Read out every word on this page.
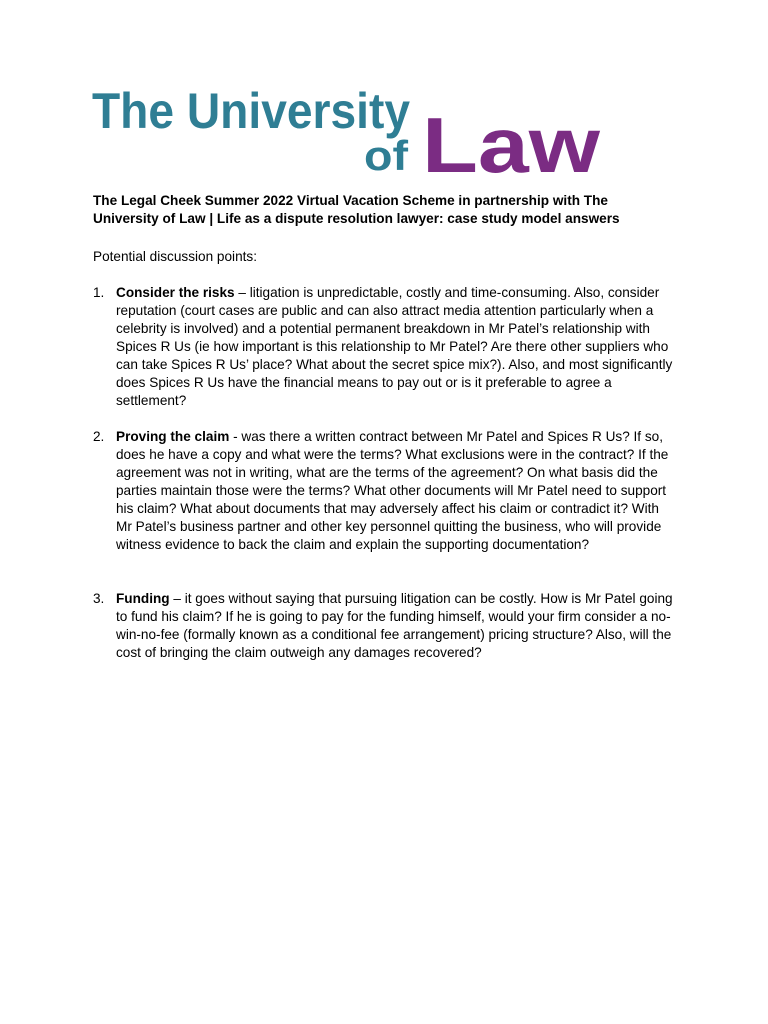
The University
of Law

The Legal Cheek Summer 2022 Virtual Vacation Scheme in partnership with The University of Law | Life as a dispute resolution lawyer: case study model answers

Potential discussion points:

1. Consider the risks – litigation is unpredictable, costly and time-consuming. Also, consider reputation (court cases are public and can also attract media attention particularly when a celebrity is involved) and a potential permanent breakdown in Mr Patel’s relationship with Spices R Us (ie how important is this relationship to Mr Patel? Are there other suppliers who can take Spices R Us’ place? What about the secret spice mix?). Also, and most significantly does Spices R Us have the financial means to pay out or is it preferable to agree a settlement?

2. Proving the claim - was there a written contract between Mr Patel and Spices R Us? If so, does he have a copy and what were the terms? What exclusions were in the contract? If the agreement was not in writing, what are the terms of the agreement? On what basis did the parties maintain those were the terms? What other documents will Mr Patel need to support his claim? What about documents that may adversely affect his claim or contradict it? With Mr Patel’s business partner and other key personnel quitting the business, who will provide witness evidence to back the claim and explain the supporting documentation?

3. Funding – it goes without saying that pursuing litigation can be costly. How is Mr Patel going to fund his claim? If he is going to pay for the funding himself, would your firm consider a no-win-no-fee (formally known as a conditional fee arrangement) pricing structure? Also, will the cost of bringing the claim outweigh any damages recovered?
